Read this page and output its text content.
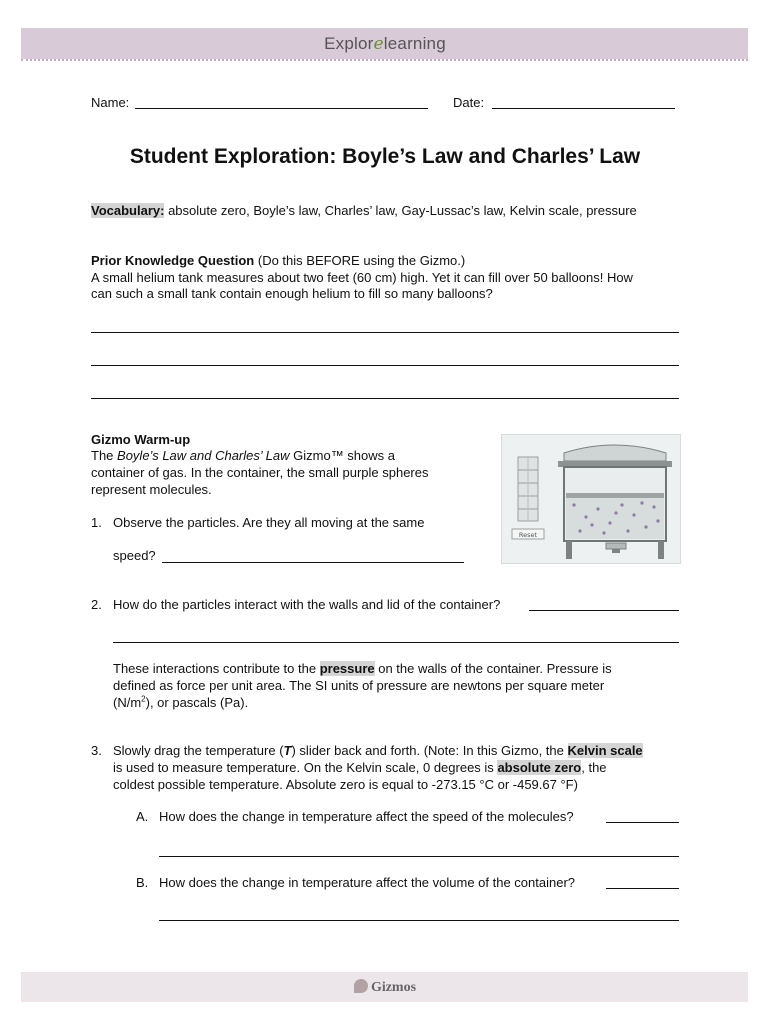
Explorelearning
Name:	Date:
Student Exploration: Boyle’s Law and Charles’ Law
Vocabulary: absolute zero, Boyle’s law, Charles’ law, Gay-Lussac’s law, Kelvin scale, pressure
Prior Knowledge Question (Do this BEFORE using the Gizmo.)
A small helium tank measures about two feet (60 cm) high. Yet it can fill over 50 balloons! How
can such a small tank contain enough helium to fill so many balloons?
Gizmo Warm-up
The Boyle’s Law and Charles’ Law Gizmo™ shows a
container of gas. In the container, the small purple spheres
represent molecules.
Reset
1. Observe the particles. Are they all moving at the same
speed?
2. How do the particles interact with the walls and lid of the container?
These interactions contribute to the pressure on the walls of the container. Pressure is
defined as force per unit area. The SI units of pressure are newtons per square meter
$(N/m^2)$, or pascals (Pa).
3. Slowly drag the temperature (T) slider back and forth. (Note: In this Gizmo, the Kelvin scale
is used to measure temperature. On the Kelvin scale, 0 degrees is absolute zero, the
coldest possible temperature. Absolute zero is equal to -273.15 °C or -459.67 °F)
A. How does the change in temperature affect the speed of the molecules?
B. How does the change in temperature affect the volume of the container?
Gizmos
